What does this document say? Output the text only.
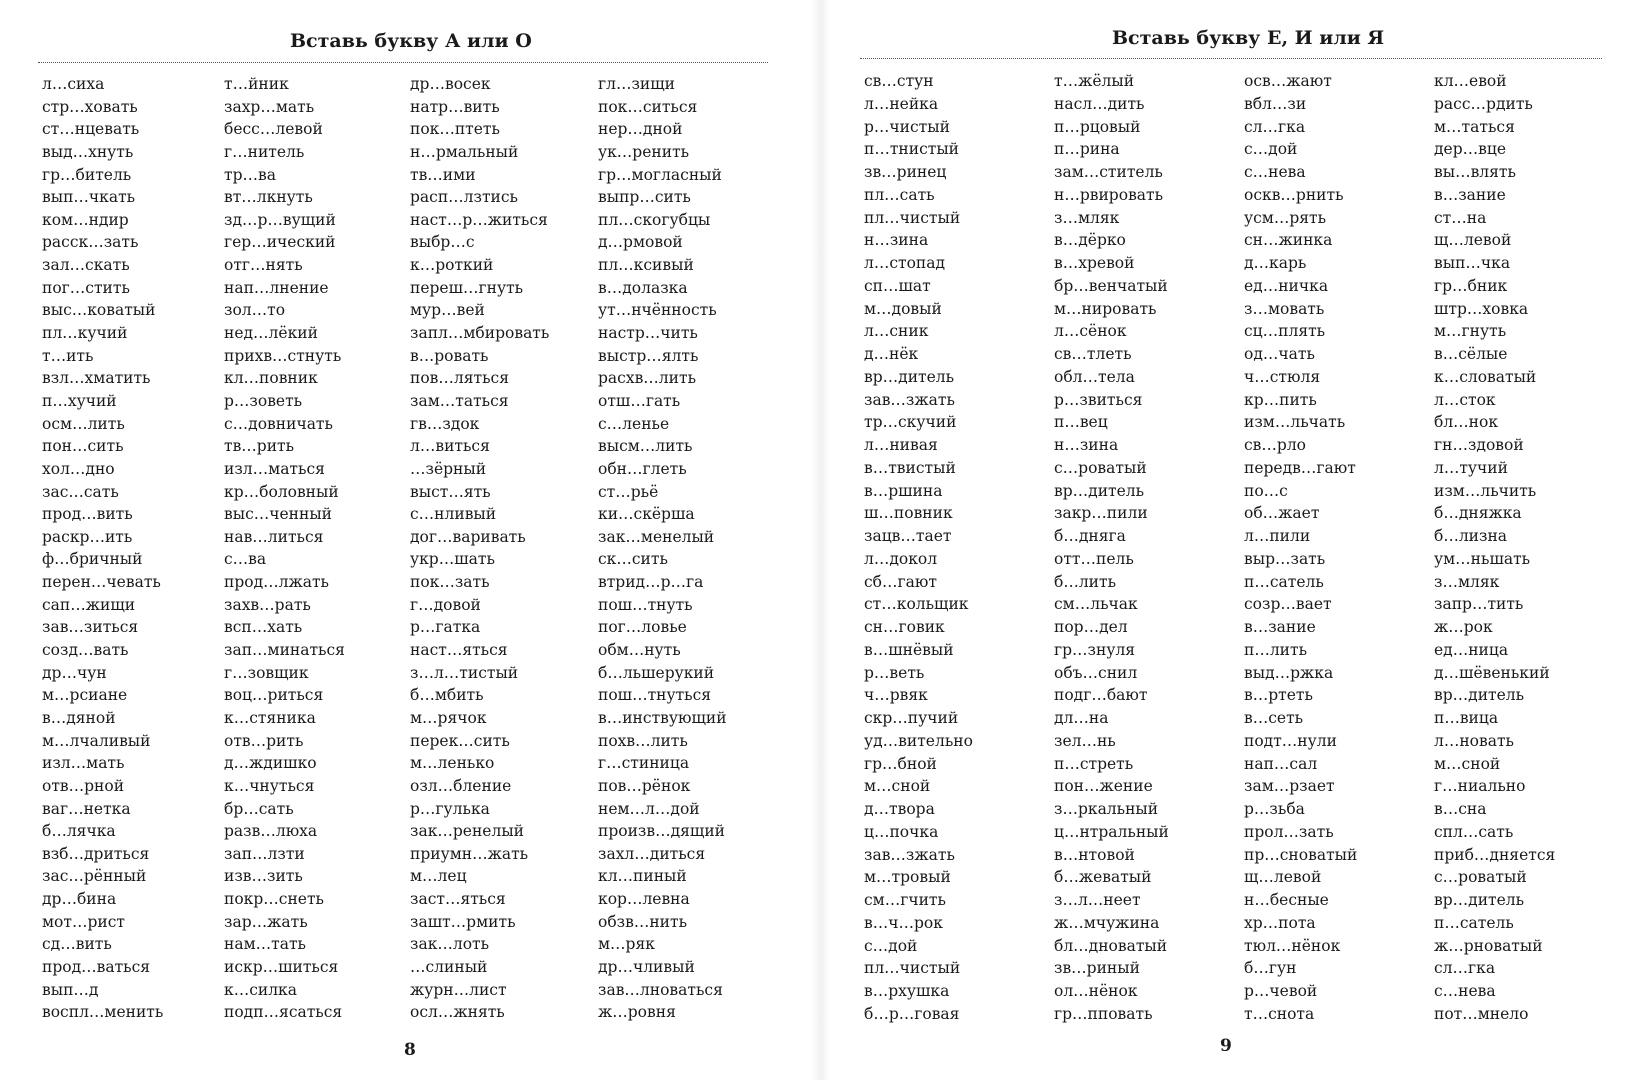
Вставь букву А или О
л…сиха
стр…ховать
ст…нцевать
выд…хнуть
гр…битель
вып…чкать
ком…ндир
расск…зать
зал…скать
пог…стить
выс…коватый
пл…кучий
т…ить
взл…хматить
п…хучий
осм…лить
пон…сить
хол…дно
зас…сать
прод…вить
раскр…ить
ф…бричный
перен…чевать
сап…жищи
зав…зиться
созд…вать
др…чун
м…рсиане
в…дяной
м…лчаливый
изл…мать
отв…рной
ваг…нетка
б…лячка
взб…дриться
зас…рённый
др…бина
мот…рист
сд…вить
прод…ваться
вып…д
воспл…менить
т…йник
захр…мать
бесс…левой
г…нитель
тр…ва
вт…лкнуть
зд…р…вущий
гер…ический
отг…нять
нап…лнение
зол…то
нед…лёкий
прихв…стнуть
кл…повник
р…зоветь
с…довничать
тв…рить
изл…маться
кр…боловный
выс…ченный
нав…литься
с…ва
прод…лжать
захв…рать
всп…хать
зап…минаться
г…зовщик
воц…риться
к…стяника
отв…рить
д…ждишко
к…чнуться
бр…сать
разв…люха
зап…лзти
изв…зить
покр…снеть
зар…жать
нам…тать
искр…шиться
к…силка
подп…ясаться
др…восек
натр…вить
пок…птеть
н…рмальный
тв…ими
расп…лзтись
наст…р…житься
выбр…с
к…роткий
переш…гнуть
мур…вей
запл…мбировать
в…ровать
пов…ляться
зам…таться
гв…здок
л…виться
…зёрный
выст…ять
с…нливый
дог…варивать
укр…шать
пок…зать
г…довой
р…гатка
наст…яться
з…л…тистый
б…мбить
м…рячок
перек…сить
м…ленько
озл…бление
р…гулька
зак…ренелый
приумн…жать
м…лец
заст…яться
зашт…рмить
зак…лоть
…слиный
журн…лист
осл…жнять
гл…зищи
пок…ситься
нер…дной
ук…ренить
гр…могласный
выпр…сить
пл…скогубцы
д…рмовой
пл…ксивый
в…долазка
ут…нчённость
настр…чить
выстр…ялть
расхв…лить
отш…гать
с…ленье
высм…лить
обн…глеть
ст…рьё
ки…скёрша
зак…менелый
ск…сить
втрид…р…га
пош…тнуть
пог…ловье
обм…нуть
б…льшерукий
пош…тнуться
в…инствующий
похв…лить
г…стиница
пов…рёнок
нем…л…дой
произв…дящий
захл…диться
кл…пиный
кор…левна
обзв…нить
м…ряк
др…чливый
зав…лноваться
ж…ровня
8
Вставь букву Е, И или Я
св…стун
л…нейка
р…чистый
п…тнистый
зв…ринец
пл…сать
пл…чистый
н…зина
л…стопад
сп…шат
м…довый
л…сник
д…нёк
вр…дитель
зав…зжать
тр…скучий
л…нивая
в…твистый
в…ршина
ш…повник
зацв…тает
л…докол
сб…гают
ст…кольщик
сн…говик
в…шнёвый
р…веть
ч…рвяк
скр…пучий
уд…вительно
гр…бной
м…сной
д…твора
ц…почка
зав…зжать
м…тровый
см…гчить
в…ч…рок
с…дой
пл…чистый
в…рхушка
б…р…говая
т…жёлый
насл…дить
п…рцовый
п…рина
зам…ститель
н…рвировать
з…мляк
в…дёрко
в…хревой
бр…венчатый
м…нировать
л…сёнок
св…тлеть
обл…тела
р…звиться
п…вец
н…зина
с…роватый
вр…дитель
закр…пили
б…дняга
отт…пель
б…лить
см…льчак
пор…дел
гр…знуля
объ…снил
подг…бают
дл…на
зел…нь
п…стреть
пон…жение
з…ркальный
ц…нтральный
в…нтовой
б…жеватый
з…л…неет
ж…мчужина
бл…дноватый
зв…риный
ол…нёнок
гр…пповать
осв…жают
вбл…зи
сл…гка
с…дой
с…нева
оскв…рнить
усм…рять
сн…жинка
д…карь
ед…ничка
з…мовать
сц…плять
од…чать
ч…стюля
кр…пить
изм…льчать
св…рло
передв…гают
по…с
об…жает
л…пили
выр…зать
п…сатель
созр…вает
в…зание
п…лить
выд…ржка
в…ртеть
в…сеть
подт…нули
нап…сал
зам…рзает
р…зьба
прол…зать
пр…сноватый
щ…левой
н…бесные
хр…пота
тюл…нёнок
б…гун
р…чевой
т…снота
кл…евой
расс…рдить
м…таться
дер…вце
вы…влять
в…зание
ст…на
щ…левой
вып…чка
гр…бник
штр…ховка
м…гнуть
в…сёлые
к…словатый
л…сток
бл…нок
гн…здовой
л…тучий
изм…льчить
б…дняжка
б…лизна
ум…ньшать
з…мляк
запр…тить
ж…рок
ед…ница
д…шёвенький
вр…дитель
п…вица
л…новать
м…сной
г…ниально
в…сна
спл…сать
приб…дняется
с…роватый
вр…дитель
п…сатель
ж…рноватый
сл…гка
с…нева
пот…мнело
9
